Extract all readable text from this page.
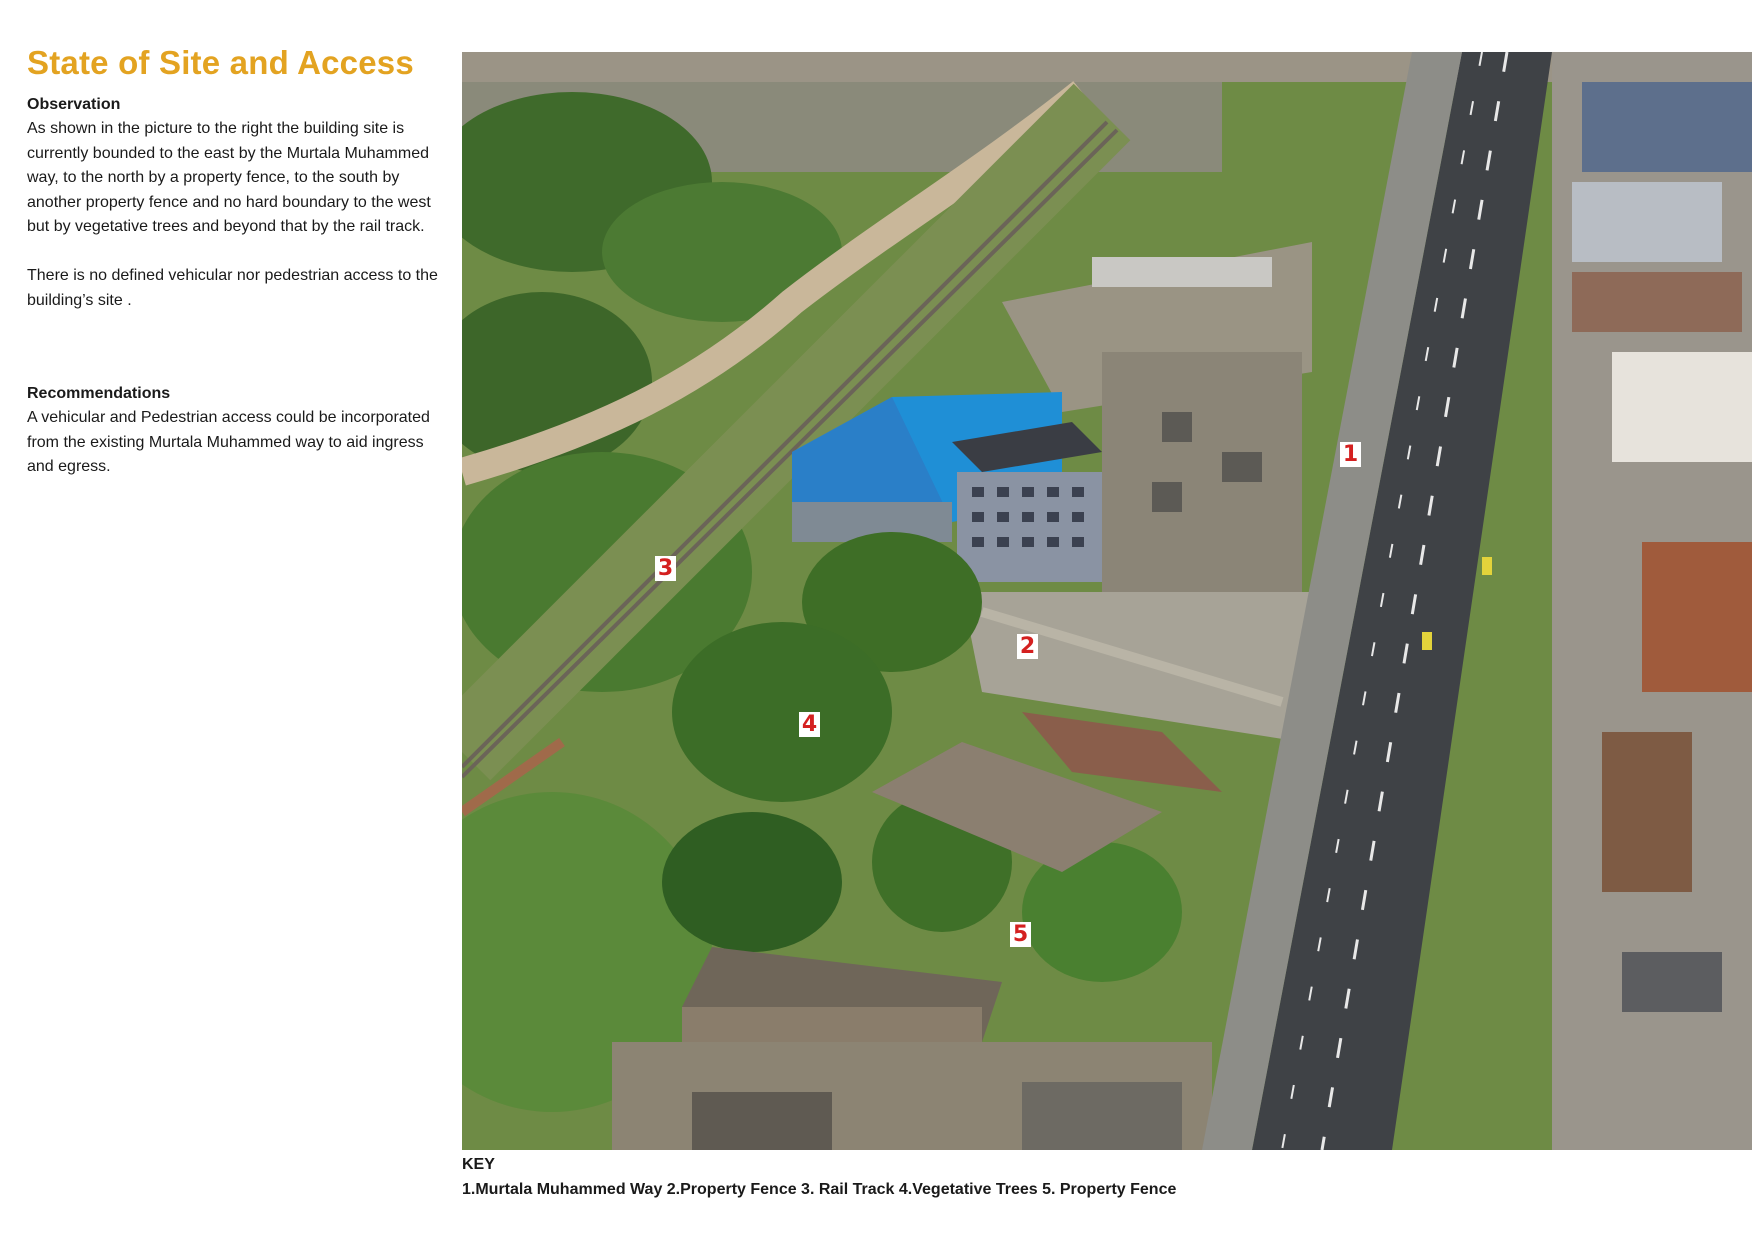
State of Site and Access
Observation

As shown in the picture to the right the building site is currently bounded to the east by the Murtala Muhammed way, to the north by a property fence, to the south by another property fence and no hard boundary to the west but by vegetative trees and beyond that by the rail track.

There is no defined vehicular nor pedestrian access to the building’s site .

Recommendations

A vehicular and Pedestrian access could be incorporated from the existing Murtala Muhammed way to aid ingress and egress.	1
2
3
4
5
KEY
1.Murtala Muhammed Way 2.Property Fence 3. Rail Track 4.Vegetative Trees 5. Property Fence
